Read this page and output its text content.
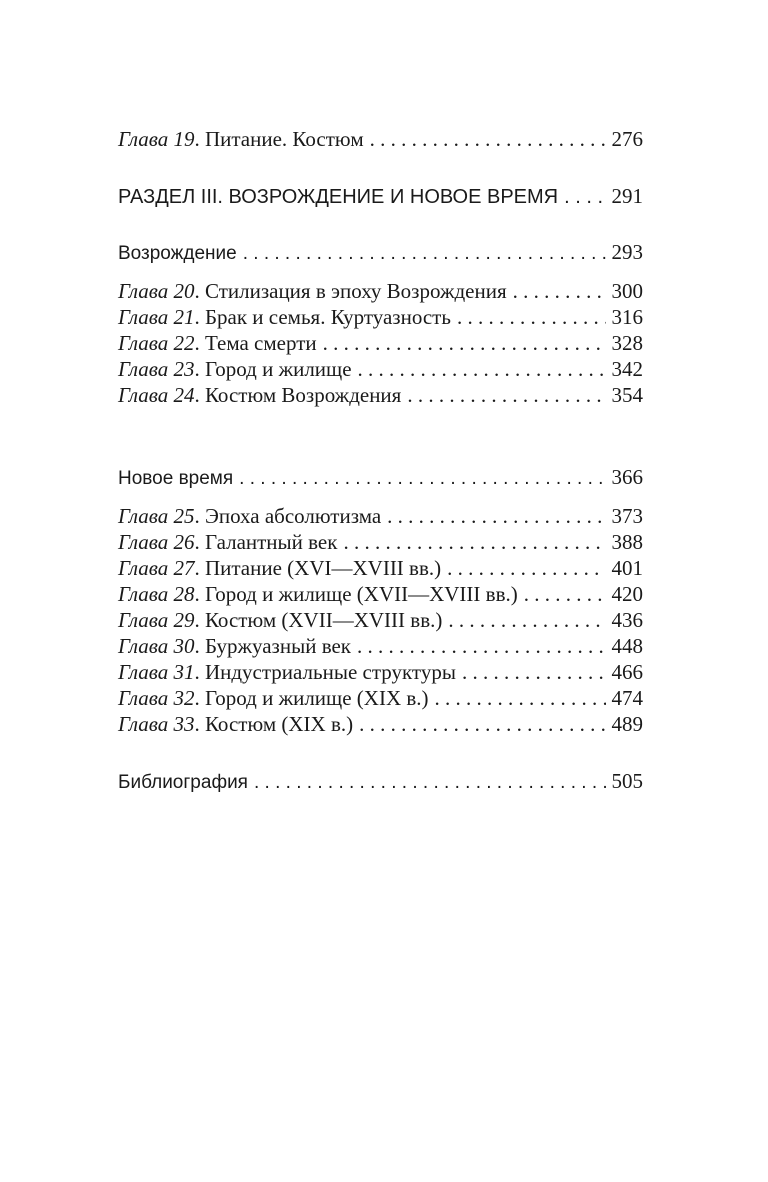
Глава 19. Питание. Костюм . . .	276
РАЗДЕЛ III. ВОЗРОЖДЕНИЕ И НОВОЕ ВРЕМЯ . . .	291
Возрождение . . .	293
Глава 20. Стилизация в эпоху Возрождения . . .	300
Глава 21. Брак и семья. Куртуазность . . .	316
Глава 22. Тема смерти . . .	328
Глава 23. Город и жилище . . .	342
Глава 24. Костюм Возрождения . . .	354
Новое время . . .	366
Глава 25. Эпоха абсолютизма . . .	373
Глава 26. Галантный век . . .	388
Глава 27. Питание (XVI—XVIII вв.) . . .	401
Глава 28. Город и жилище (XVII—XVIII вв.) . . .	420
Глава 29. Костюм (XVII—XVIII вв.) . . .	436
Глава 30. Буржуазный век . . .	448
Глава 31. Индустриальные структуры . . .	466
Глава 32. Город и жилище (XIX в.) . . .	474
Глава 33. Костюм (XIX в.) . . .	489
Библиография . . .	505
